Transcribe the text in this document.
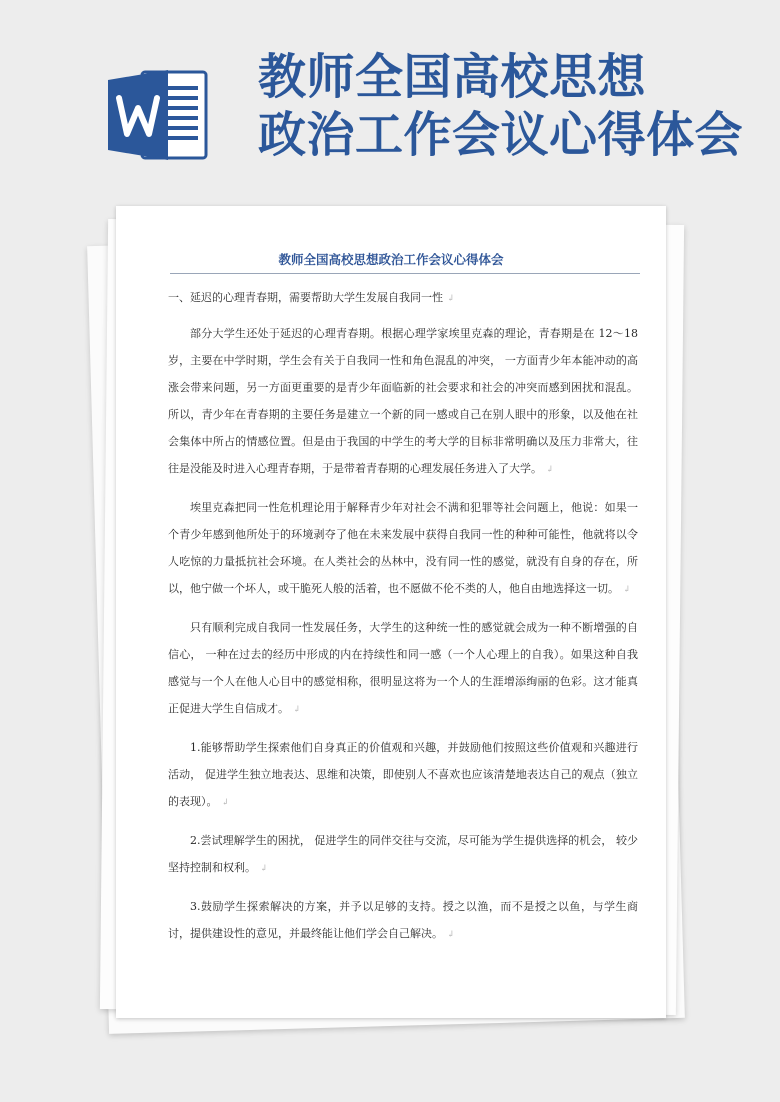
教师全国高校思想
政治工作会议心得体会
教师全国高校思想政治工作会议心得体会

一、延迟的心理青春期，需要帮助大学生发展自我同一性 ↲

部分大学生还处于延迟的心理青春期。根据心理学家埃里克森的理论，青春期是在 12～18 岁，主要在中学时期，学生会有关于自我同一性和角色混乱的冲突， 一方面青少年本能冲动的高涨会带来问题，另一方面更重要的是青少年面临新的社会要求和社会的冲突而感到困扰和混乱。所以，青少年在青春期的主要任务是建立一个新的同一感或自己在别人眼中的形象，以及他在社会集体中所占的情感位置。但是由于我国的中学生的考大学的目标非常明确以及压力非常大，往往是没能及时进入心理青春期，于是带着青春期的心理发展任务进入了大学。 ↲

埃里克森把同一性危机理论用于解释青少年对社会不满和犯罪等社会问题上，他说：如果一个青少年感到他所处于的环境剥夺了他在未来发展中获得自我同一性的种种可能性，他就将以令人吃惊的力量抵抗社会环境。在人类社会的丛林中，没有同一性的感觉，就没有自身的存在，所以，他宁做一个坏人，或干脆死人般的活着，也不愿做不伦不类的人，他自由地选择这一切。 ↲

只有顺利完成自我同一性发展任务，大学生的这种统一性的感觉就会成为一种不断增强的自信心， 一种在过去的经历中形成的内在持续性和同一感（一个人心理上的自我）。如果这种自我感觉与一个人在他人心目中的感觉相称，很明显这将为一个人的生涯增添绚丽的色彩。这才能真正促进大学生自信成才。 ↲

1.能够帮助学生探索他们自身真正的价值观和兴趣，并鼓励他们按照这些价值观和兴趣进行活动， 促进学生独立地表达、思维和决策，即使别人不喜欢也应该清楚地表达自己的观点（独立的表现）。 ↲

2.尝试理解学生的困扰， 促进学生的同伴交往与交流，尽可能为学生提供选择的机会， 较少坚持控制和权利。 ↲

3.鼓励学生探索解决的方案，并予以足够的支持。授之以渔，而不是授之以鱼，与学生商讨，提供建设性的意见，并最终能让他们学会自己解决。 ↲
